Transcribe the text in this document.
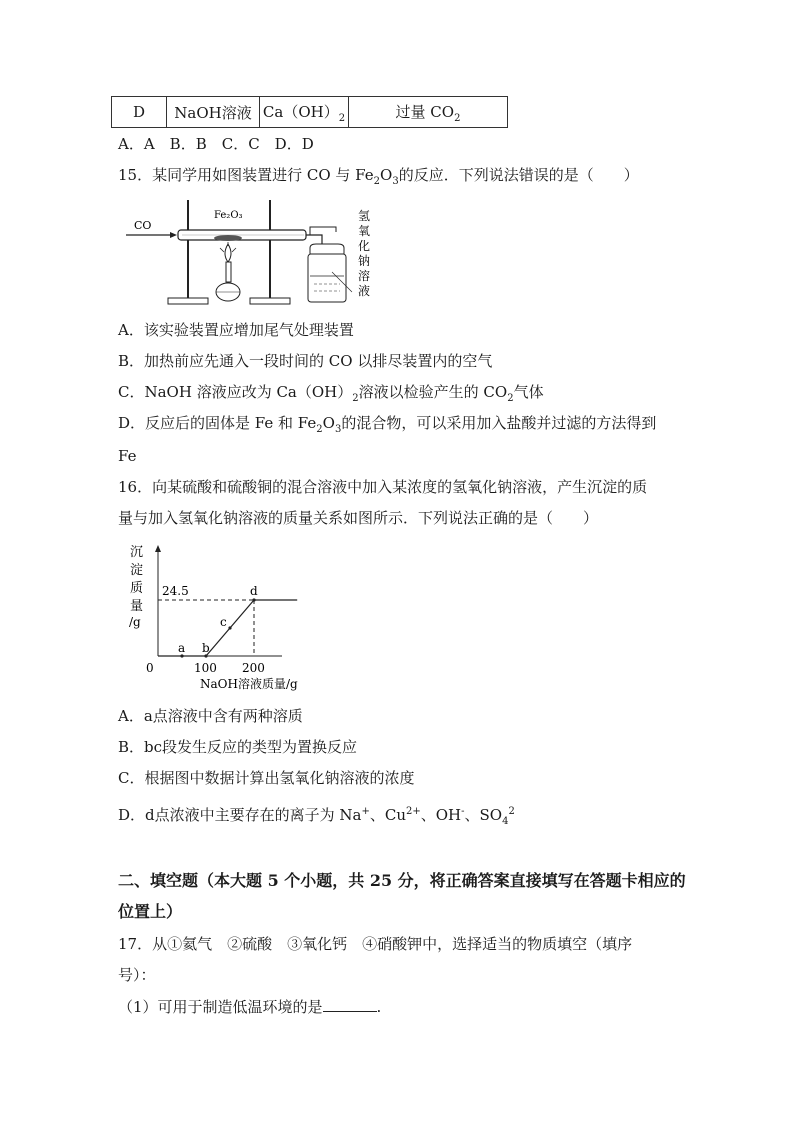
D	NaOH溶液	$Ca(OH)_2$	过量 $CO_2$
A．A　B．B　C．C　D．D
15．某同学用如图装置进行 CO 与 $Fe_2O_3$的反应．下列说法错误的是（　　）
CO
Fe₂O₃	氢
氧
化
钠
溶
液
A．该实验装置应增加尾气处理装置
B．加热前应先通入一段时间的 CO 以排尽装置内的空气
C．NaOH 溶液应改为 $Ca(OH)_2$溶液以检验产生的 $CO_2$气体
D．反应后的固体是 Fe 和 $Fe_2O_3$的混合物，可以采用加入盐酸并过滤的方法得到
Fe
16．向某硫酸和硫酸铜的混合溶液中加入某浓度的氢氧化钠溶液，产生沉淀的质
量与加入氢氧化钠溶液的质量关系如图所示．下列说法正确的是（　　）
沉
淀
质
量
/g
24.5
0	100 200
a b
c
d
NaOH溶液质量/g
A．a点溶液中含有两种溶质
B．bc段发生反应的类型为置换反应
C．根据图中数据计算出氢氧化钠溶液的浓度
D．d点浓液中主要存在的离子为 Na+、$Cu^{2+}$、OH-、$SO_4^2$
二、填空题（本大题 5 个小题，共 25 分，将正确答案直接填写在答题卡相应的
位置上）
17．从①氦气　②硫酸　③氧化钙　④硝酸钾中，选择适当的物质填空（填序
号）：
（1）可用于制造低温环境的是	.
